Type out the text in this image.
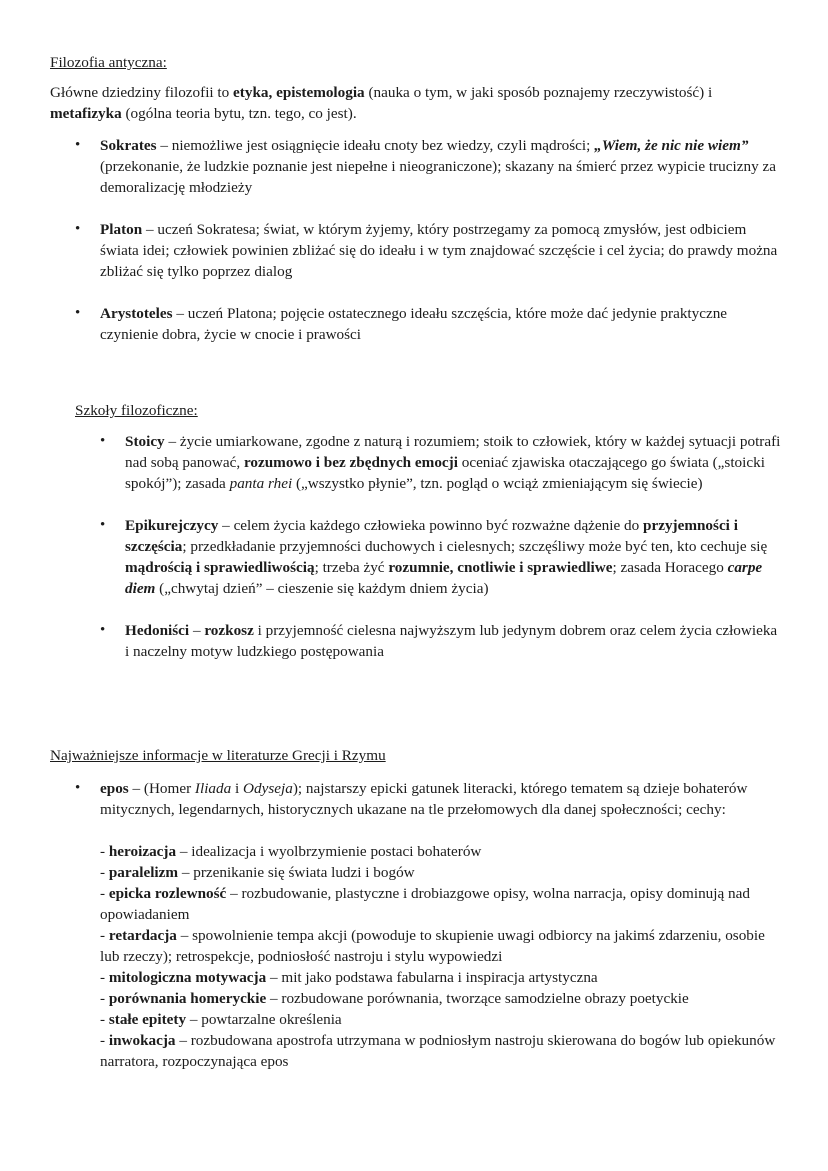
Filozofia antyczna:
Główne dziedziny filozofii to etyka, epistemologia (nauka o tym, w jaki sposób poznajemy rzeczywistość) i metafizyka (ogólna teoria bytu, tzn. tego, co jest).
• Sokrates – niemożliwe jest osiągnięcie ideału cnoty bez wiedzy, czyli mądrości; „Wiem, że nic nie wiem” (przekonanie, że ludzkie poznanie jest niepełne i nieograniczone); skazany na śmierć przez wypicie trucizny za demoralizację młodzieży
• Platon – uczeń Sokratesa; świat, w którym żyjemy, który postrzegamy za pomocą zmysłów, jest odbiciem świata idei; człowiek powinien zbliżać się do ideału i w tym znajdować szczęście i cel życia; do prawdy można zbliżać się tylko poprzez dialog
• Arystoteles – uczeń Platona; pojęcie ostatecznego ideału szczęścia, które może dać jedynie praktyczne czynienie dobra, życie w cnocie i prawości
Szkoły filozoficzne:
• Stoicy – życie umiarkowane, zgodne z naturą i rozumiem; stoik to człowiek, który w każdej sytuacji potrafi nad sobą panować, rozumowo i bez zbędnych emocji oceniać zjawiska otaczającego go świata („stoicki spokój”); zasada panta rhei („wszystko płynie”, tzn. pogląd o wciąż zmieniającym się świecie)
• Epikurejczycy – celem życia każdego człowieka powinno być rozważne dążenie do przyjemności i szczęścia; przedkładanie przyjemności duchowych i cielesnych; szczęśliwy może być ten, kto cechuje się mądrością i sprawiedliwością; trzeba żyć rozumnie, cnotliwie i sprawiedliwe; zasada Horacego carpe diem („chwytaj dzień” – cieszenie się każdym dniem życia)
• Hedoniści – rozkosz i przyjemność cielesna najwyższym lub jedynym dobrem oraz celem życia człowieka i naczelny motyw ludzkiego postępowania
Najważniejsze informacje w literaturze Grecji i Rzymu
• epos – (Homer Iliada i Odyseja); najstarszy epicki gatunek literacki, którego tematem są dzieje bohaterów mitycznych, legendarnych, historycznych ukazane na tle przełomowych dla danej społeczności; cechy:

- heroizacja – idealizacja i wyolbrzymienie postaci bohaterów

- paralelizm – przenikanie się świata ludzi i bogów

- epicka rozlewność – rozbudowanie, plastyczne i drobiazgowe opisy, wolna narracja, opisy dominują nad opowiadaniem

- retardacja – spowolnienie tempa akcji (powoduje to skupienie uwagi odbiorcy na jakimś zdarzeniu, osobie lub rzeczy); retrospekcje, podniosłość nastroju i stylu wypowiedzi

- mitologiczna motywacja – mit jako podstawa fabularna i inspiracja artystyczna

- porównania homeryckie – rozbudowane porównania, tworzące samodzielne obrazy poetyckie

- stałe epitety – powtarzalne określenia

- inwokacja – rozbudowana apostrofa utrzymana w podniosłym nastroju skierowana do bogów lub opiekunów narratora, rozpoczynająca epos
